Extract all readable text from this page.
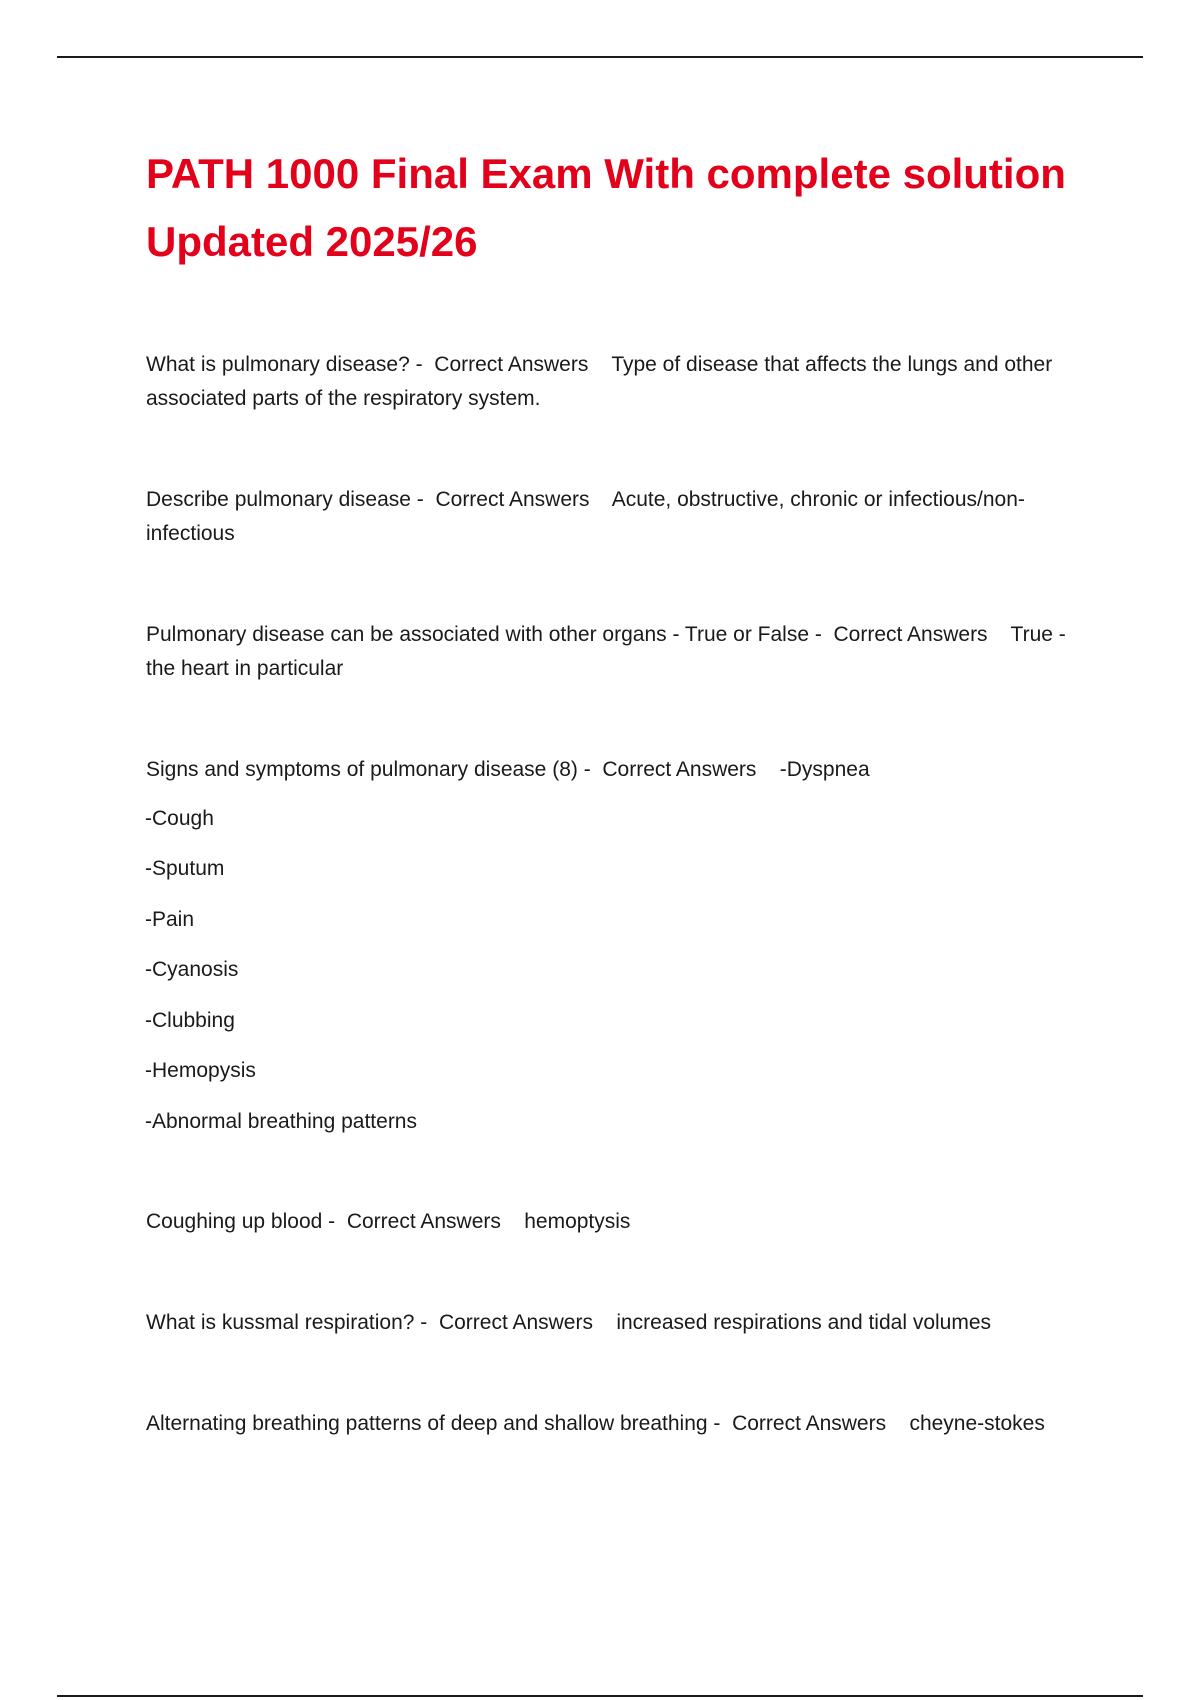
PATH 1000 Final Exam With complete solution Updated 2025/26

What is pulmonary disease? - Correct Answers Type of disease that affects the lungs and other associated parts of the respiratory system.

Describe pulmonary disease - Correct Answers Acute, obstructive, chronic or infectious/non-infectious

Pulmonary disease can be associated with other organs - True or False - Correct Answers True - the heart in particular

Signs and symptoms of pulmonary disease (8) - Correct Answers -Dyspnea

-Cough

-Sputum

-Pain

-Cyanosis

-Clubbing

-Hemopysis

-Abnormal breathing patterns

Coughing up blood - Correct Answers hemoptysis

What is kussmal respiration? - Correct Answers increased respirations and tidal volumes

Alternating breathing patterns of deep and shallow breathing - Correct Answers cheyne-stokes
